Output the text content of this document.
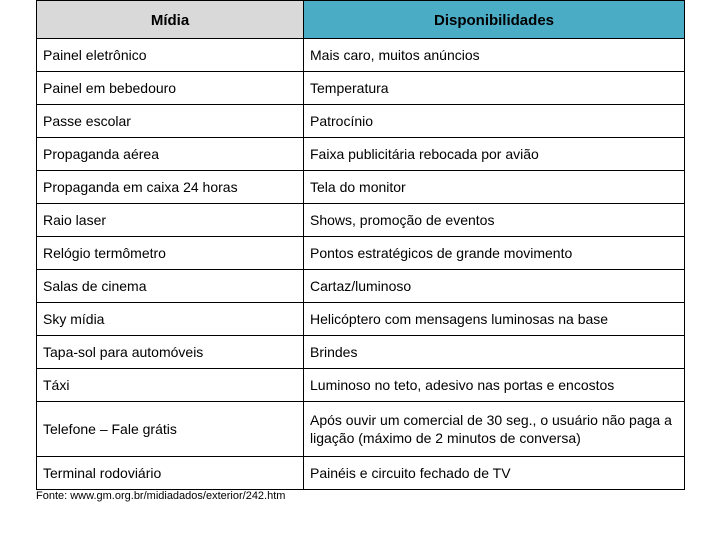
Mídia	Disponibilidades
Painel eletrônico	Mais caro, muitos anúncios
Painel em bebedouro	Temperatura
Passe escolar	Patrocínio
Propaganda aérea	Faixa publicitária rebocada por avião
Propaganda em caixa 24 horas	Tela do monitor
Raio laser	Shows, promoção de eventos
Relógio termômetro	Pontos estratégicos de grande movimento
Salas de cinema	Cartaz/luminoso
Sky mídia	Helicóptero com mensagens luminosas na base
Tapa-sol para automóveis	Brindes
Táxi	Luminoso no teto, adesivo nas portas e encostos
Telefone – Fale grátis	Após ouvir um comercial de 30 seg., o usuário não paga a ligação (máximo de 2 minutos de conversa)
Terminal rodoviário	Painéis e circuito fechado de TV
Fonte: www.gm.org.br/midiadados/exterior/242.htm
